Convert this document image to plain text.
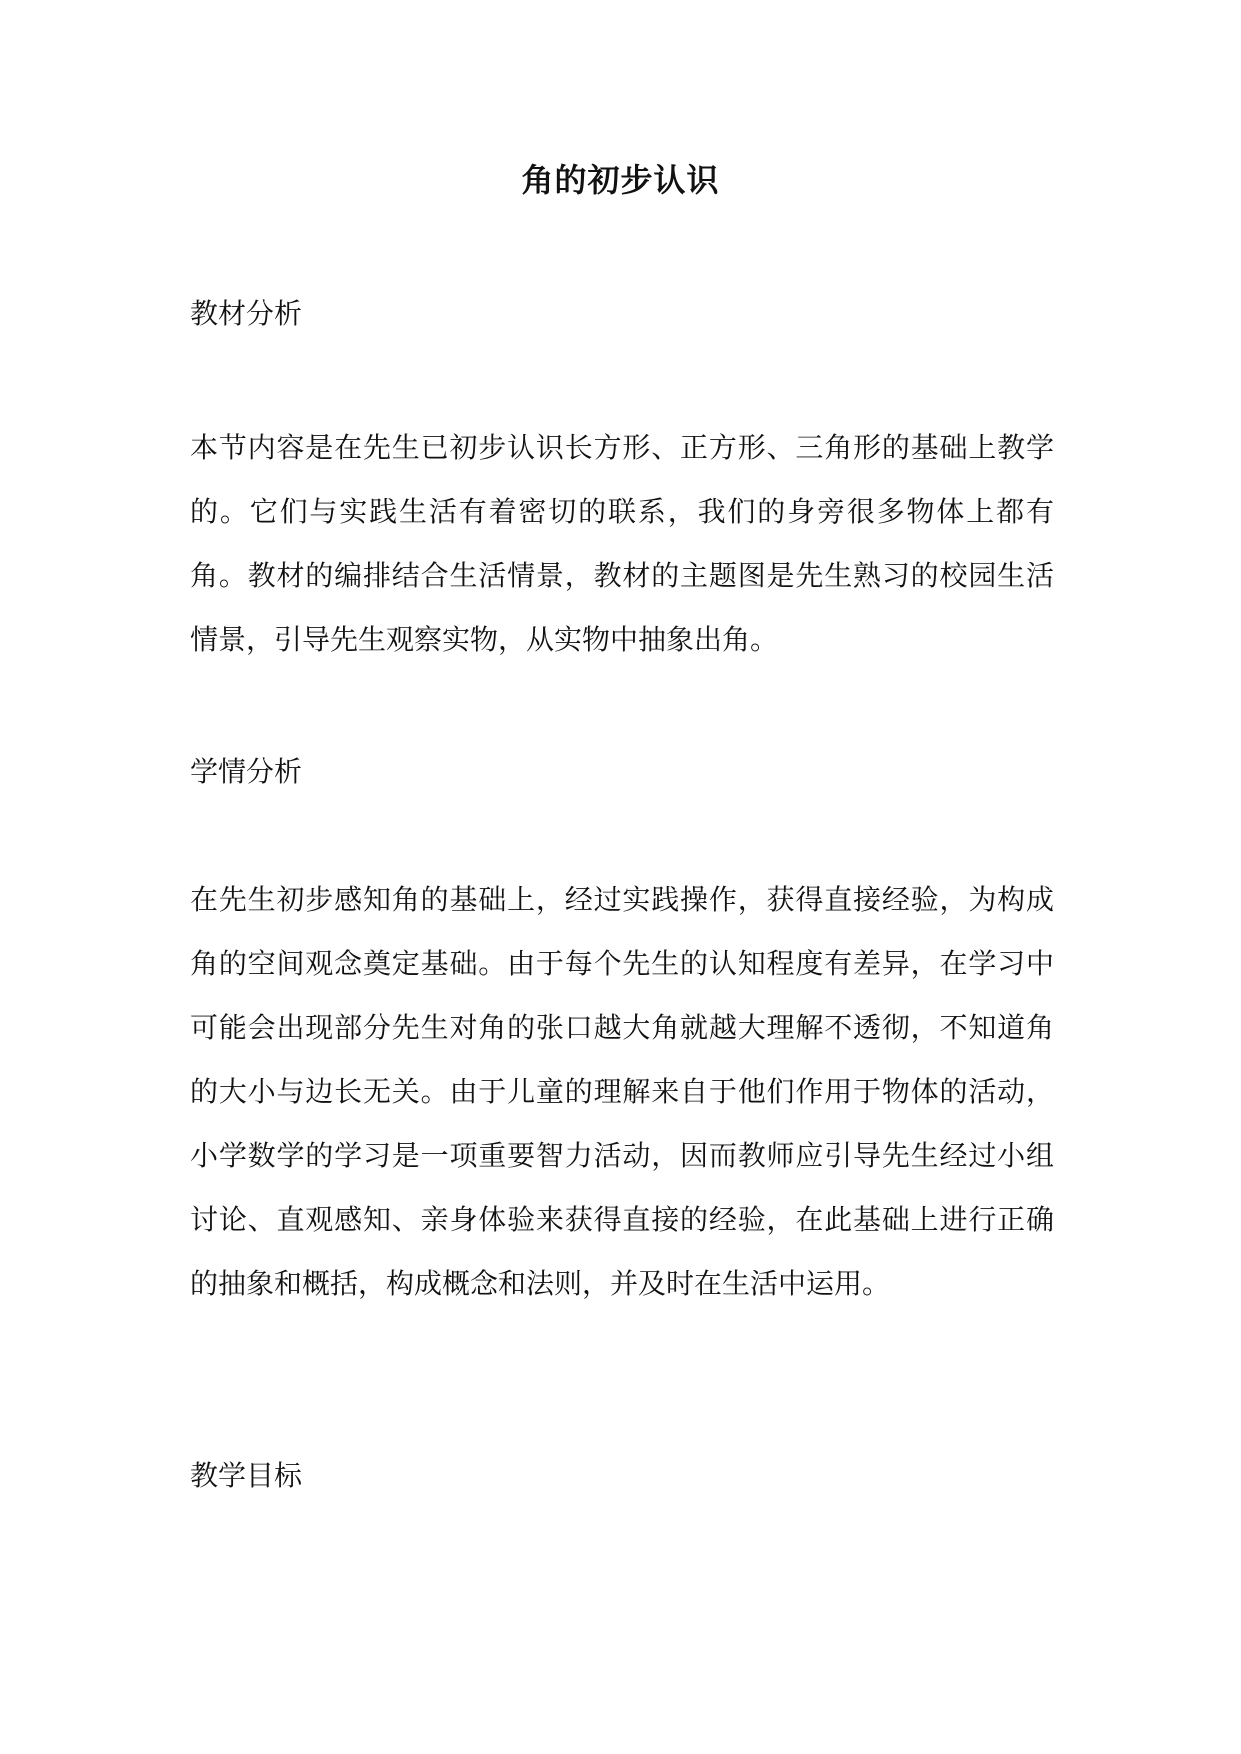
角的初步认识
教材分析

本节内容是在先生已初步认识长方形、正方形、三角形的基础上教学的。它们与实践生活有着密切的联系，我们的身旁很多物体上都有角。教材的编排结合生活情景，教材的主题图是先生熟习的校园生活情景，引导先生观察实物，从实物中抽象出角。

学情分析

在先生初步感知角的基础上，经过实践操作，获得直接经验，为构成角的空间观念奠定基础。由于每个先生的认知程度有差异，在学习中可能会出现部分先生对角的张口越大角就越大理解不透彻，不知道角的大小与边长无关。由于儿童的理解来自于他们作用于物体的活动，小学数学的学习是一项重要智力活动，因而教师应引导先生经过小组讨论、直观感知、亲身体验来获得直接的经验，在此基础上进行正确的抽象和概括，构成概念和法则，并及时在生活中运用。

教学目标
